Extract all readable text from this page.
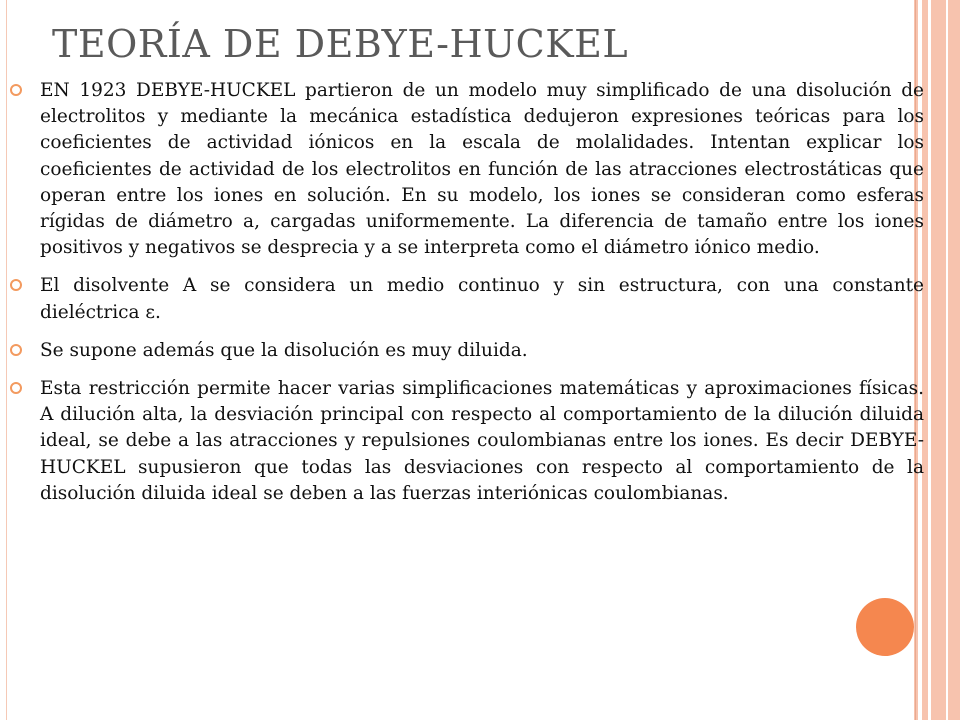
TEORÍA DE DEBYE-HUCKEL
EN 1923 DEBYE-HUCKEL partieron de un modelo muy simplificado de una disolución de electrolitos y mediante la mecánica estadística dedujeron expresiones teóricas para los coeficientes de actividad iónicos en la escala de molalidades. Intentan explicar los coeficientes de actividad de los electrolitos en función de las atracciones electrostáticas que operan entre los iones en solución. En su modelo, los iones se consideran como esferas rígidas de diámetro a, cargadas uniformemente. La diferencia de tamaño entre los iones positivos y negativos se desprecia y a se interpreta como el diámetro iónico medio.
El disolvente A se considera un medio continuo y sin estructura, con una constante dieléctrica ε.
Se supone además que la disolución es muy diluida.
Esta restricción permite hacer varias simplificaciones matemáticas y aproximaciones físicas. A dilución alta, la desviación principal con respecto al comportamiento de la dilución diluida ideal, se debe a las atracciones y repulsiones coulombianas entre los iones. Es decir DEBYE-HUCKEL supusieron que todas las desviaciones con respecto al comportamiento de la disolución diluida ideal se deben a las fuerzas interiónicas coulombianas.
